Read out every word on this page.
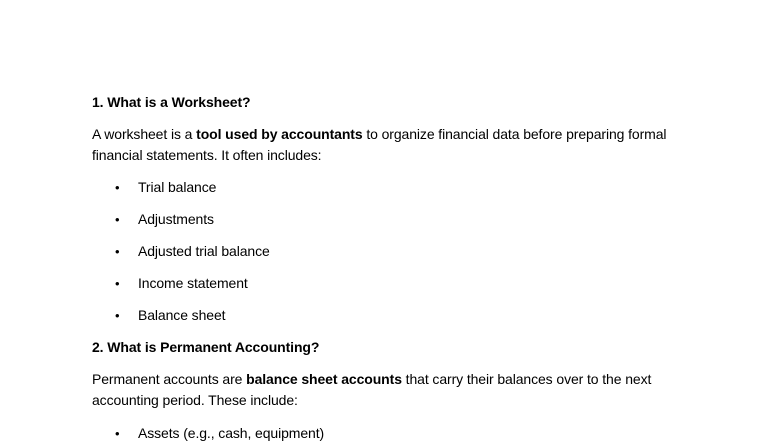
1. What is a Worksheet?
A worksheet is a tool used by accountants to organize financial data before preparing formal
financial statements. It often includes:
•	Trial balance
•	Adjustments
•	Adjusted trial balance
•	Income statement
•	Balance sheet
2. What is Permanent Accounting?
Permanent accounts are balance sheet accounts that carry their balances over to the next
accounting period. These include:
•	Assets (e.g., cash, equipment)
